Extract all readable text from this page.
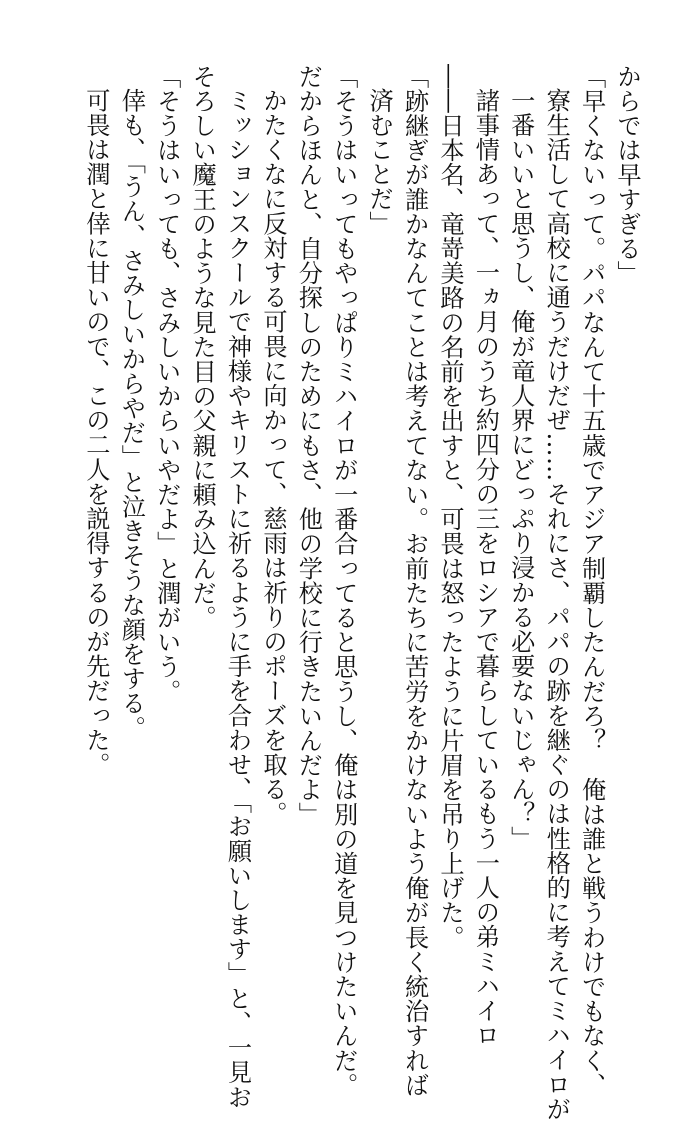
からでは早すぎる」
「早くないって。パパなんて十五歳でアジア制覇したんだろ？　俺は誰と戦うわけでもなく、
寮生活して高校に通うだけだぜ……それにさ、パパの跡を継ぐのは性格的に考えてミハイロが
一番いいと思うし、俺が竜人界にどっぷり浸かる必要ないじゃん？」
諸事情あって、一ヵ月のうち約四分の三をロシアで暮らしているもう一人の弟ミハイロ
――日本名、竜嵜美路の名前を出すと、可畏は怒ったように片眉を吊り上げた。
「跡継ぎが誰かなんてことは考えてない。お前たちに苦労をかけないよう俺が長く統治すれば
済むことだ」
「そうはいってもやっぱりミハイロが一番合ってると思うし、俺は別の道を見つけたいんだ。
だからほんと、自分探しのためにもさ、他の学校に行きたいんだよ」
かたくなに反対する可畏に向かって、慈雨は祈りのポーズを取る。
ミッションスクールで神様やキリストに祈るように手を合わせ、「お願いします」と、一見お
そろしい魔王のような見た目の父親に頼み込んだ。
「そうはいっても、さみしいからいやだよ」と潤がいう。
倖も、「うん、さみしいからやだ」と泣きそうな顔をする。
可畏は潤と倖に甘いので、この二人を説得するのが先だった。
